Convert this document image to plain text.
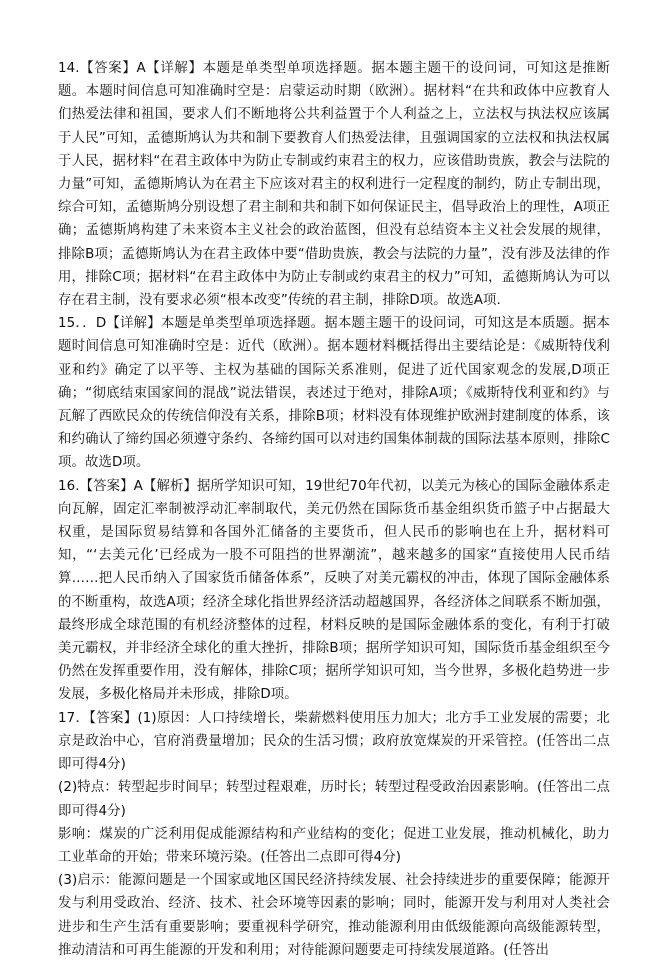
14.【答案】A【详解】本题是单类型单项选择题。据本题主题干的设问词，可知这是推断题。本题时间信息可知准确时空是：启蒙运动时期（欧洲）。据材料“在共和政体中应教育人们热爱法律和祖国，要求人们不断地将公共利益置于个人利益之上，立法权与执法权应该属于人民”可知，孟德斯鸠认为共和制下要教育人们热爱法律，且强调国家的立法权和执法权属于人民，据材料“在君主政体中为防止专制或约束君主的权力，应该借助贵族，教会与法院的力量”可知，孟德斯鸠认为在君主下应该对君主的权利进行一定程度的制约，防止专制出现，综合可知，孟德斯鸠分别设想了君主制和共和制下如何保证民主，倡导政治上的理性，A项正确；孟德斯鸠构建了未来资本主义社会的政治蓝图，但没有总结资本主义社会发展的规律，排除B项；孟德斯鸠认为在君主政体中要“借助贵族，教会与法院的力量”，没有涉及法律的作用，排除C项；据材料“在君主政体中为防止专制或约束君主的权力”可知，孟德斯鸠认为可以存在君主制，没有要求必须“根本改变”传统的君主制，排除D项。故选A项.

15．．D【详解】本题是单类型单项选择题。据本题主题干的设问词，可知这是本质题。据本题时间信息可知准确时空是：近代（欧洲）。据本题材料概括得出主要结论是：《威斯特伐利亚和约》确定了以平等、主权为基础的国际关系准则，促进了近代国家观念的发展,D项正确；“彻底结束国家间的混战”说法错误，表述过于绝对，排除A项；《威斯特伐利亚和约》与瓦解了西欧民众的传统信仰没有关系，排除B项；材料没有体现维护欧洲封建制度的体系，该和约确认了缔约国必须遵守条约、各缔约国可以对违约国集体制裁的国际法基本原则，排除C项。故选D项。

16.【答案】A【解析】据所学知识可知，19世纪70年代初，以美元为核心的国际金融体系走向瓦解，固定汇率制被浮动汇率制取代，美元仍然在国际货币基金组织货币篮子中占据最大权重，是国际贸易结算和各国外汇储备的主要货币，但人民币的影响也在上升，据材料可知，“‘去美元化’已经成为一股不可阻挡的世界潮流”，越来越多的国家“直接使用人民币结算……把人民币纳入了国家货币储备体系”，反映了对美元霸权的冲击，体现了国际金融体系的不断重构，故选A项；经济全球化指世界经济活动超越国界，各经济体之间联系不断加强，最终形成全球范围的有机经济整体的过程，材料反映的是国际金融体系的变化，有利于打破美元霸权，并非经济全球化的重大挫折，排除B项；据所学知识可知，国际货币基金组织至今仍然在发挥重要作用，没有解体，排除C项；据所学知识可知，当今世界，多极化趋势进一步发展，多极化格局并未形成，排除D项。

17．【答案】(1)原因：人口持续增长，柴薪燃料使用压力加大；北方手工业发展的需要；北京是政治中心，官府消费量增加；民众的生活习惯；政府放宽煤炭的开采管控。(任答出二点即可得4分)

(2)特点：转型起步时间早；转型过程艰难，历时长；转型过程受政治因素影响。(任答出二点即可得4分)

影响：煤炭的广泛利用促成能源结构和产业结构的变化；促进工业发展，推动机械化，助力工业革命的开始；带来环境污染。(任答出二点即可得4分)

(3)启示：能源问题是一个国家或地区国民经济持续发展、社会持续进步的重要保障；能源开发与利用受政治、经济、技术、社会环境等因素的影响；同时，能源开发与利用对人类社会进步和生产生活有重要影响；要重视科学研究，推动能源利用由低级能源向高级能源转型，推动清洁和可再生能源的开发和利用；对待能源问题要走可持续发展道路。(任答出
